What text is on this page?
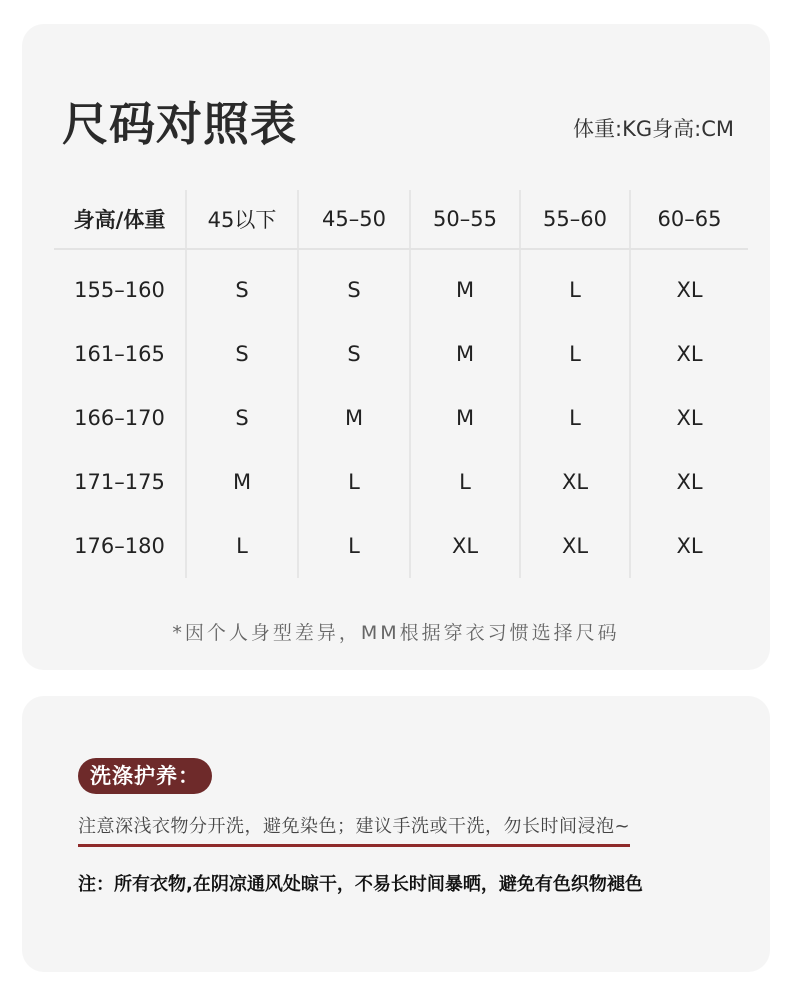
尺码对照表	体重:KG身高:CM
身高/体重	45以下	45–50	50–55	55–60	60–65
155–160	S	S	M	L	XL
161–165	S	S	M	L	XL
166–170	S	M	M	L	XL
171–175	M	L	L	XL	XL
176–180	L	L	XL	XL	XL
*因个人身型差异，MM根据穿衣习惯选择尺码
洗涤护养：
注意深浅衣物分开洗，避免染色；建议手洗或干洗，勿长时间浸泡~
注：所有衣物,在阴凉通风处晾干，不易长时间暴晒，避免有色织物褪色
